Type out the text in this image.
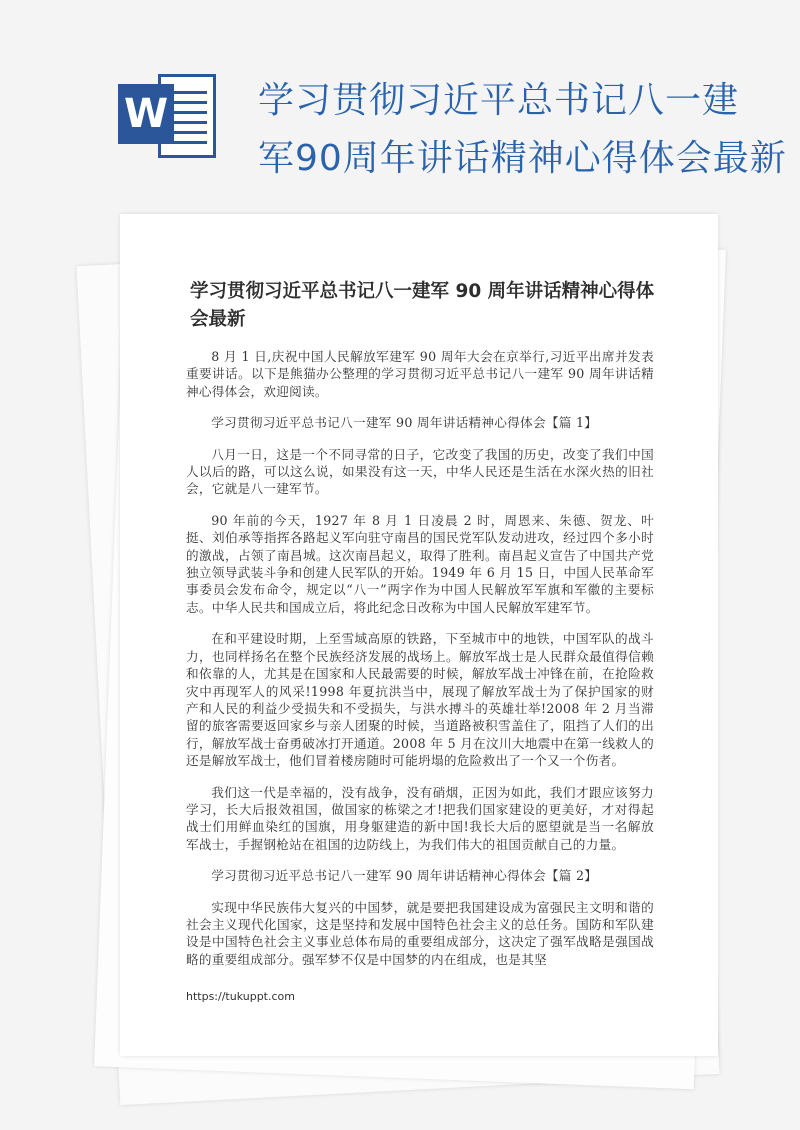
W 学习贯彻习近平总书记八一建
军90周年讲话精神心得体会最新
学习贯彻习近平总书记八一建军 90 周年讲话精神心得体会最新

8 月 1 日,庆祝中国人民解放军建军 90 周年大会在京举行,习近平出席并发表重要讲话。以下是熊猫办公整理的学习贯彻习近平总书记八一建军 90 周年讲话精神心得体会，欢迎阅读。

学习贯彻习近平总书记八一建军 90 周年讲话精神心得体会【篇 1】

八月一日，这是一个不同寻常的日子，它改变了我国的历史，改变了我们中国人以后的路，可以这么说，如果没有这一天，中华人民还是生活在水深火热的旧社会，它就是八一建军节。

90 年前的今天，1927 年 8 月 1 日凌晨 2 时，周恩来、朱德、贺龙、叶挺、刘伯承等指挥各路起义军向驻守南昌的国民党军队发动进攻，经过四个多小时的激战，占领了南昌城。这次南昌起义，取得了胜利。南昌起义宣告了中国共产党独立领导武装斗争和创建人民军队的开始。1949 年 6 月 15 日，中国人民革命军事委员会发布命令，规定以“八一”两字作为中国人民解放军军旗和军徽的主要标志。中华人民共和国成立后，将此纪念日改称为中国人民解放军建军节。

在和平建设时期，上至雪域高原的铁路，下至城市中的地铁，中国军队的战斗力，也同样扬名在整个民族经济发展的战场上。解放军战士是人民群众最值得信赖和依靠的人，尤其是在国家和人民最需要的时候，解放军战士冲锋在前，在抢险救灾中再现军人的风采!1998 年夏抗洪当中，展现了解放军战士为了保护国家的财产和人民的利益少受损失和不受损失，与洪水搏斗的英雄壮举!2008 年 2 月当滞留的旅客需要返回家乡与亲人团聚的时候，当道路被积雪盖住了，阻挡了人们的出行，解放军战士奋勇破冰打开通道。2008 年 5 月在汶川大地震中在第一线救人的还是解放军战士，他们冒着楼房随时可能坍塌的危险救出了一个又一个伤者。

我们这一代是幸福的，没有战争，没有硝烟，正因为如此，我们才跟应该努力学习，长大后报效祖国，做国家的栋梁之才!把我们国家建设的更美好，才对得起战士们用鲜血染红的国旗，用身躯建造的新中国!我长大后的愿望就是当一名解放军战士，手握钢枪站在祖国的边防线上，为我们伟大的祖国贡献自己的力量。

学习贯彻习近平总书记八一建军 90 周年讲话精神心得体会【篇 2】

实现中华民族伟大复兴的中国梦，就是要把我国建设成为富强民主文明和谐的社会主义现代化国家，这是坚持和发展中国特色社会主义的总任务。国防和军队建设是中国特色社会主义事业总体布局的重要组成部分，这决定了强军战略是强国战略的重要组成部分。强军梦不仅是中国梦的内在组成，也是其坚

https://tukuppt.com
